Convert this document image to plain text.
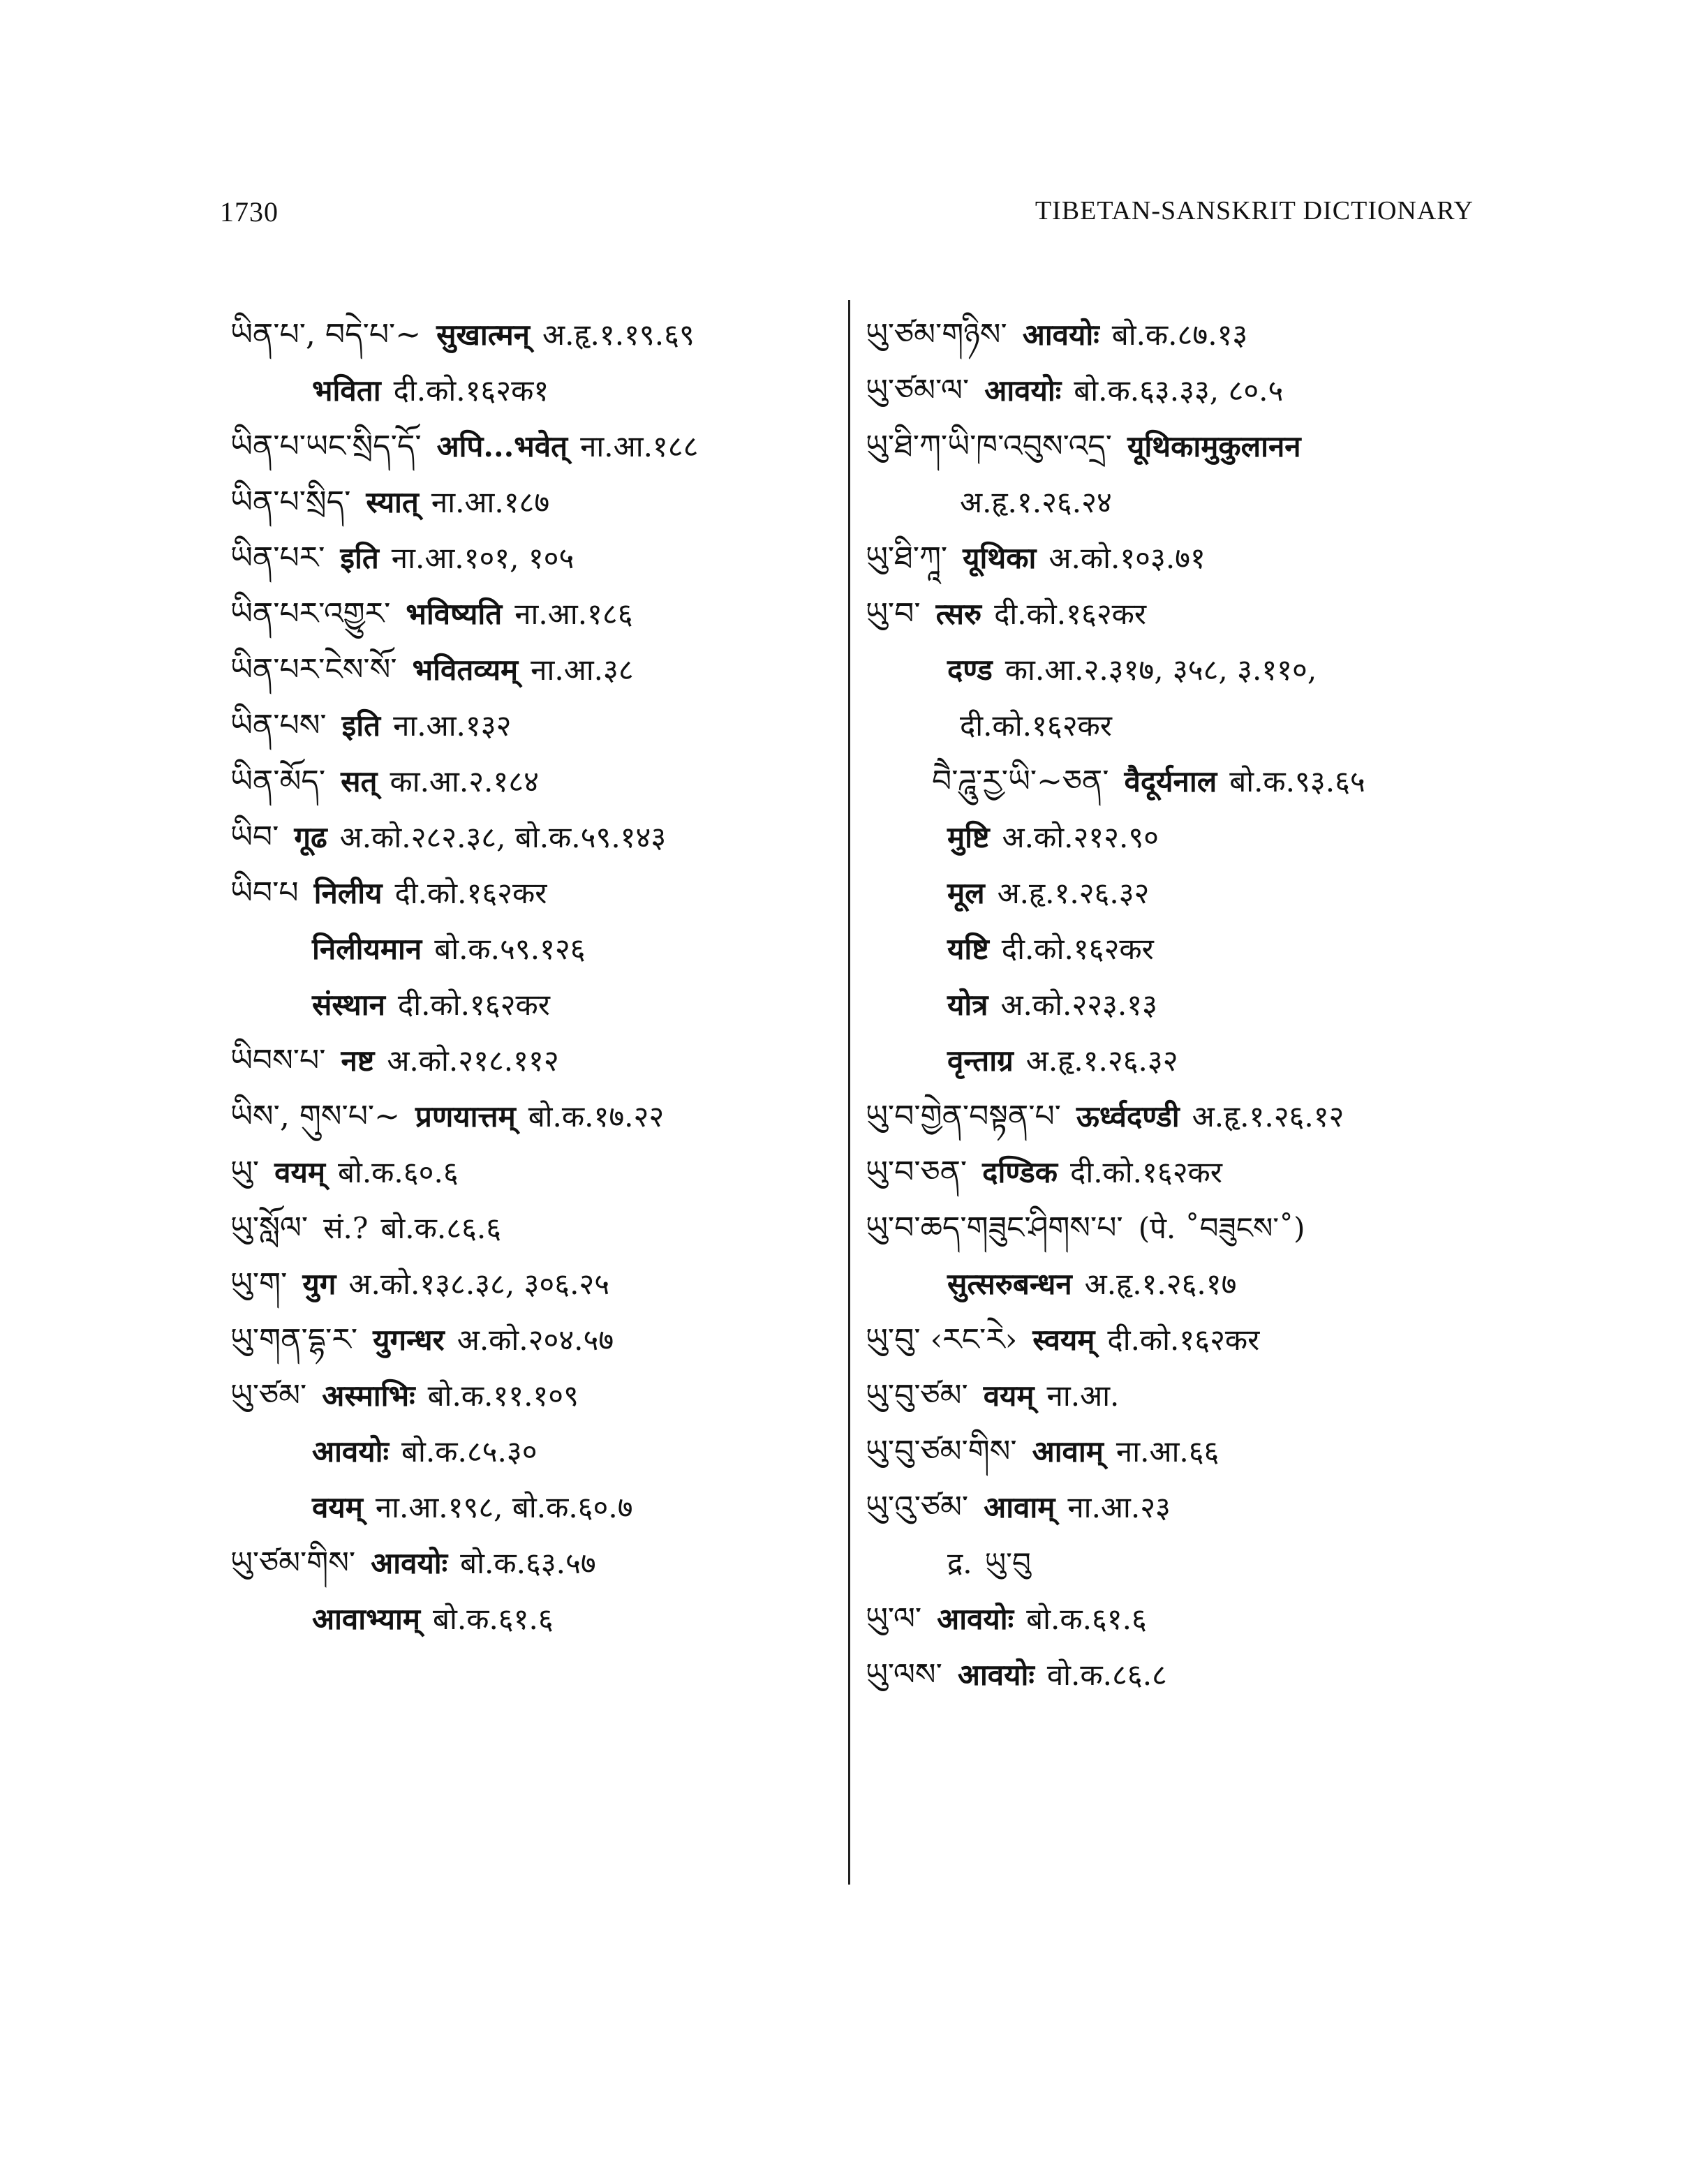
1730	TIBETAN-SANSKRIT DICTIONARY
ཡིན་པ་, བདེ་པ་~ सुखात्मन् अ.हृ.१.१९.६९
भविता दी.को.१६२क१
ཡིན་པ་ཡང་སྲིད་དོ་ अपि...भवेत् ना.आ.१८८
ཡིན་པ་སྲིད་ स्यात् ना.आ.१८७
ཡིན་པར་ इति ना.आ.१०१, १०५
ཡིན་པར་འགྱུར་ भविष्यति ना.आ.१८६
ཡིན་པར་ངེས་སོ་ भवितव्यम् ना.आ.३८
ཡིན་པས་ इति ना.आ.१३२
ཡིན་མོད་ सत् का.आ.२.१८४
ཡིབ་ गूढ अ.को.२८२.३८, बो.क.५९.१४३
ཡིབ་པ निलीय दी.को.१६२कर
निलीयमान बो.क.५९.१२६
संस्थान दी.को.१६२कर
ཡིབས་པ་ नष्ट अ.को.२१८.११२
ཡིས་, གུས་པ་~ प्रणयात्तम् बो.क.१७.२२
ཡུ་ वयम् बो.क.६०.६
ཡུ་སློལ་ सं.? बो.क.८६.६
ཡུ་ག་ युग अ.को.१३८.३८, ३०६.२५
ཡུ་གན་དྷ་ར་ युगन्धर अ.को.२०४.५७
ཡུ་ཙམ་ अस्माभिः बो.क.११.१०९
आवयोः बो.क.८५.३०
वयम् ना.आ.१९८, बो.क.६०.७
ཡུ་ཙམ་གིས་ आवयोः बो.क.६३.५७
आवाभ्याम् बो.क.६१.६
ཡུ་ཙམ་གཉིས་ आवयोः बो.क.८७.१३
ཡུ་ཙམ་ལ་ आवयोः बो.क.६३.३३, ८०.५
ཡུ་ཐི་ཀ་ཡི་ཁ་འབུས་འདྲ་ यूथिकामुकुलानन
अ.हृ.१.२६.२४
ཡུ་ཐི་ཀཱ་ यूथिका अ.को.१०३.७१
ཡུ་བ་ त्सरु दी.को.१६२कर
दण्ड का.आ.२.३१७, ३५८, ३.११०,
दी.को.१६२कर
བཻ་ཌཱུ་རྱ་ཡི་~ཅན་ वैदूर्यनाल बो.क.९३.६५
मुष्टि अ.को.२१२.९०
मूल अ.हृ.१.२६.३२
यष्टि दी.को.१६२कर
योत्र अ.को.२२३.१३
वृन्ताग्र अ.हृ.१.२६.३२
ཡུ་བ་གྱེན་བསྟན་པ་ ऊर्ध्वदण्डी अ.हृ.१.२६.१२
ཡུ་བ་ཅན་ दण्डिक दी.को.१६२कर
ཡུ་བ་ཆད་གཟུང་ཤིགས་པ་ (पे. ˚བཟུངས་˚)
सुत्सरुबन्धन अ.हृ.१.२६.१७
ཡུ་བུ་ ‹རང་རེ› स्वयम् दी.को.१६२कर
ཡུ་བུ་ཙམ་ वयम् ना.आ.
ཡུ་བུ་ཙམ་གིས་ आवाम् ना.आ.६६
ཡུ་འུ་ཙམ་ आवाम् ना.आ.२३
द्र. ཡུ་བུ
ཡུ་ལ་ आवयोः बो.क.६१.६
ཡུ་ལས་ आवयोः वो.क.८६.८
